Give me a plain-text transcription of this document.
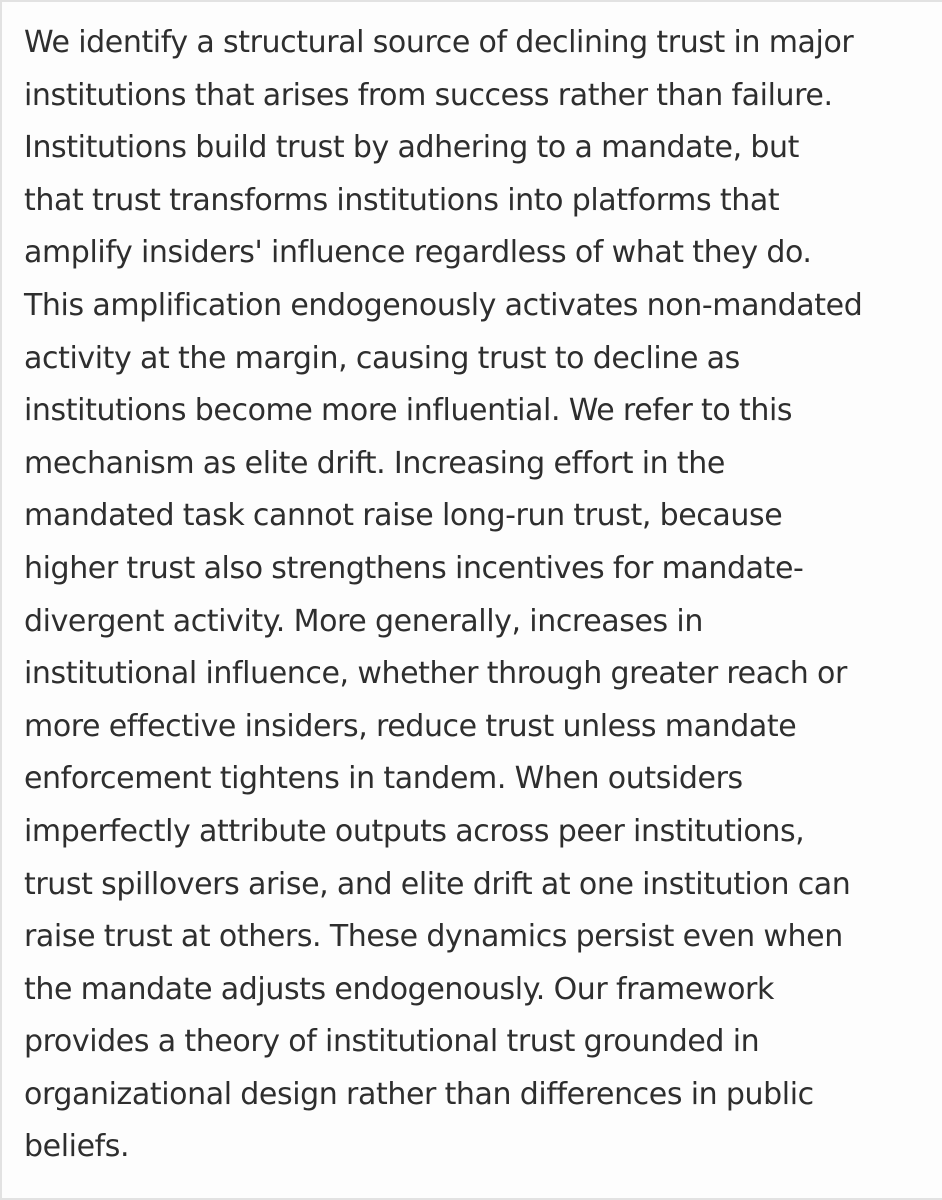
We identify a structural source of declining trust in major
institutions that arises from success rather than failure.
Institutions build trust by adhering to a mandate, but
that trust transforms institutions into platforms that
amplify insiders' influence regardless of what they do.
This amplification endogenously activates non-mandated
activity at the margin, causing trust to decline as
institutions become more influential. We refer to this
mechanism as elite drift. Increasing effort in the
mandated task cannot raise long-run trust, because
higher trust also strengthens incentives for mandate-
divergent activity. More generally, increases in
institutional influence, whether through greater reach or
more effective insiders, reduce trust unless mandate
enforcement tightens in tandem. When outsiders
imperfectly attribute outputs across peer institutions,
trust spillovers arise, and elite drift at one institution can
raise trust at others. These dynamics persist even when
the mandate adjusts endogenously. Our framework
provides a theory of institutional trust grounded in
organizational design rather than differences in public
beliefs.
